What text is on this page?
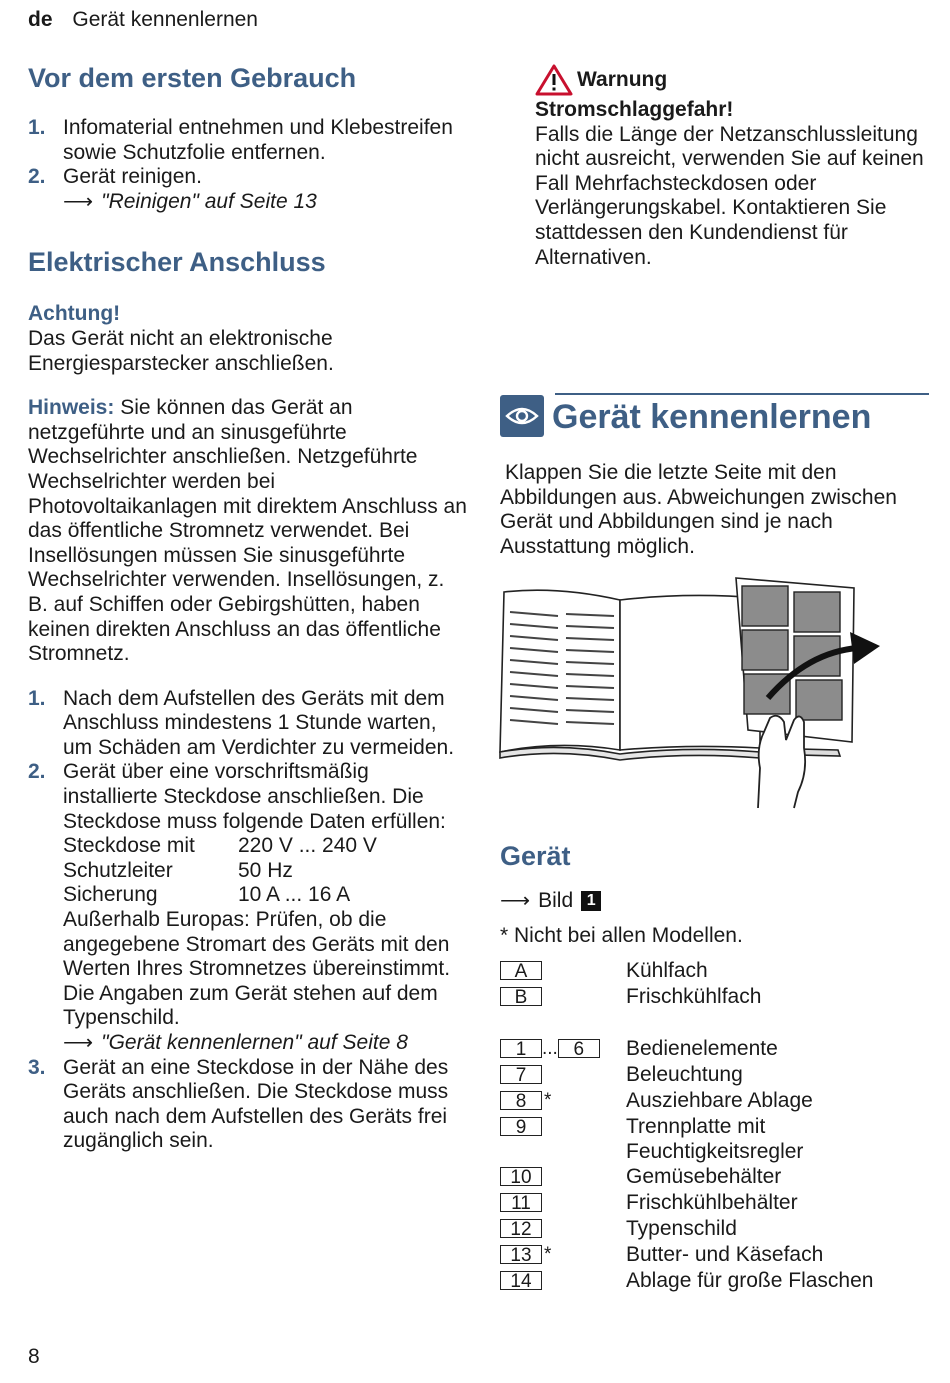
de Gerät kennenlernen
Vor dem ersten Gebrauch
1. Infomaterial entnehmen und Klebestreifen sowie Schutzfolie entfernen.
2. Gerät reinigen.
⟶ "Reinigen" auf Seite 13
Elektrischer Anschluss
Achtung!
Das Gerät nicht an elektronische Energiesparstecker anschließen.
Hinweis: Sie können das Gerät an netzgeführte und an sinusgeführte Wechselrichter anschließen. Netzgeführte Wechselrichter werden bei Photovoltaikanlagen mit direktem Anschluss an das öffentliche Stromnetz verwendet. Bei Insellösungen müssen Sie sinusgeführte Wechselrichter verwenden. Insellösungen, z. B. auf Schiffen oder Gebirgshütten, haben keinen direkten Anschluss an das öffentliche Stromnetz.
1. Nach dem Aufstellen des Geräts mit dem Anschluss mindestens 1 Stunde warten, um Schäden am Verdichter zu vermeiden.
2. Gerät über eine vorschriftsmäßig installierte Steckdose anschließen. Die Steckdose muss folgende Daten erfüllen:
Steckdose mit	220 V ... 240 V
Schutzleiter	50 Hz
Sicherung	10 A ... 16 A
Außerhalb Europas: Prüfen, ob die angegebene Stromart des Geräts mit den Werten Ihres Stromnetzes übereinstimmt. Die Angaben zum Gerät stehen auf dem Typenschild.
⟶ "Gerät kennenlernen" auf Seite 8
3. Gerät an eine Steckdose in der Nähe des Geräts anschließen. Die Steckdose muss auch nach dem Aufstellen des Geräts frei zugänglich sein.
Warnung
Stromschlaggefahr!
Falls die Länge der Netzanschlussleitung nicht ausreicht, verwenden Sie auf keinen Fall Mehrfachsteckdosen oder Verlängerungskabel. Kontaktieren Sie stattdessen den Kundendienst für Alternativen.
Gerät kennenlernen
Klappen Sie die letzte Seite mit den Abbildungen aus. Abweichungen zwischen Gerät und Abbildungen sind je nach Ausstattung möglich.
Gerät
⟶ Bild 1
* Nicht bei allen Modellen.
A	Kühlfach
B	Frischkühlfach
1 ... 6	Bedienelemente
7	Beleuchtung
8 *	Ausziehbare Ablage
9	Trennplatte mit Feuchtigkeitsregler
10	Gemüsebehälter
11	Frischkühlbehälter
12	Typenschild
13 *	Butter- und Käsefach
14	Ablage für große Flaschen
8
